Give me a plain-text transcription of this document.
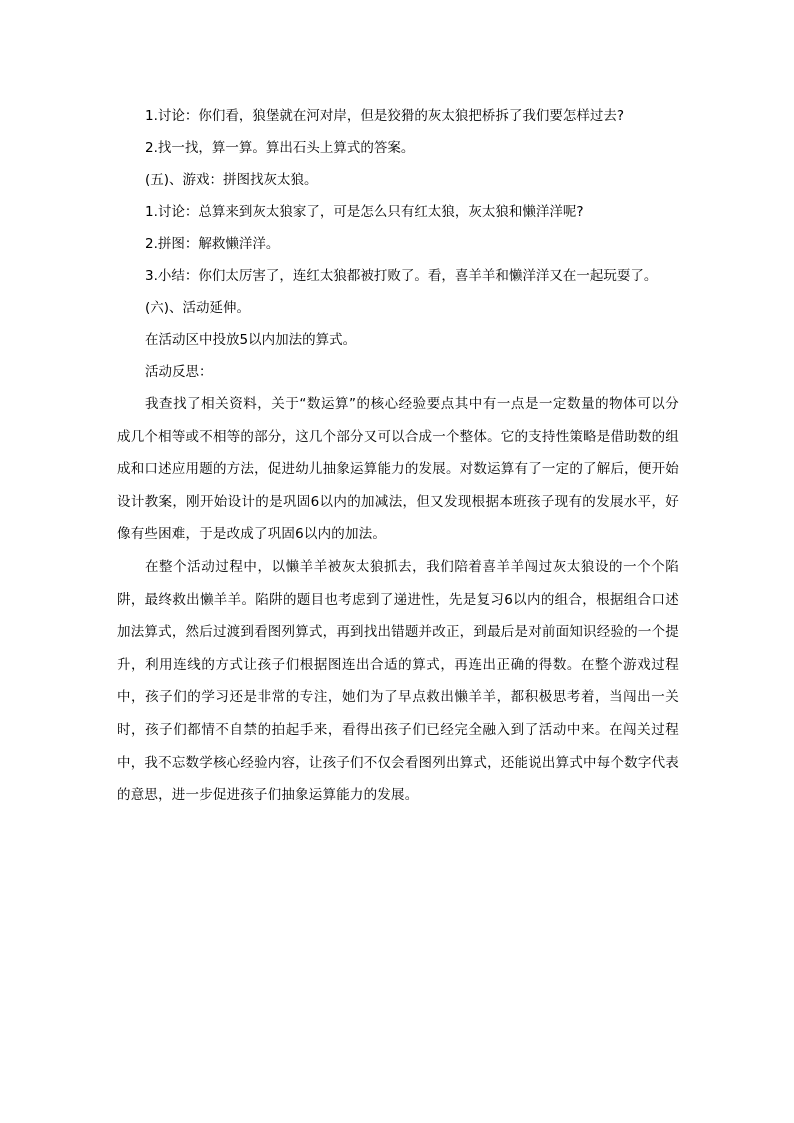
1.讨论：你们看，狼堡就在河对岸，但是狡猾的灰太狼把桥拆了我们要怎样过去?

2.找一找，算一算。算出石头上算式的答案。

(五)、游戏：拼图找灰太狼。

1.讨论：总算来到灰太狼家了，可是怎么只有红太狼，灰太狼和懒洋洋呢?

2.拼图：解救懒洋洋。

3.小结：你们太厉害了，连红太狼都被打败了。看，喜羊羊和懒洋洋又在一起玩耍了。

(六)、活动延伸。

在活动区中投放5以内加法的算式。

活动反思：

我查找了相关资料，关于“数运算”的核心经验要点其中有一点是一定数量的物体可以分成几个相等或不相等的部分，这几个部分又可以合成一个整体。它的支持性策略是借助数的组成和口述应用题的方法，促进幼儿抽象运算能力的发展。对数运算有了一定的了解后，便开始设计教案，刚开始设计的是巩固6以内的加减法，但又发现根据本班孩子现有的发展水平，好像有些困难，于是改成了巩固6以内的加法。

在整个活动过程中，以懒羊羊被灰太狼抓去，我们陪着喜羊羊闯过灰太狼设的一个个陷阱，最终救出懒羊羊。陷阱的题目也考虑到了递进性，先是复习6以内的组合，根据组合口述加法算式，然后过渡到看图列算式，再到找出错题并改正，到最后是对前面知识经验的一个提升，利用连线的方式让孩子们根据图连出合适的算式，再连出正确的得数。在整个游戏过程中，孩子们的学习还是非常的专注，她们为了早点救出懒羊羊，都积极思考着，当闯出一关时，孩子们都情不自禁的拍起手来，看得出孩子们已经完全融入到了活动中来。在闯关过程中，我不忘数学核心经验内容，让孩子们不仅会看图列出算式，还能说出算式中每个数字代表的意思，进一步促进孩子们抽象运算能力的发展。
